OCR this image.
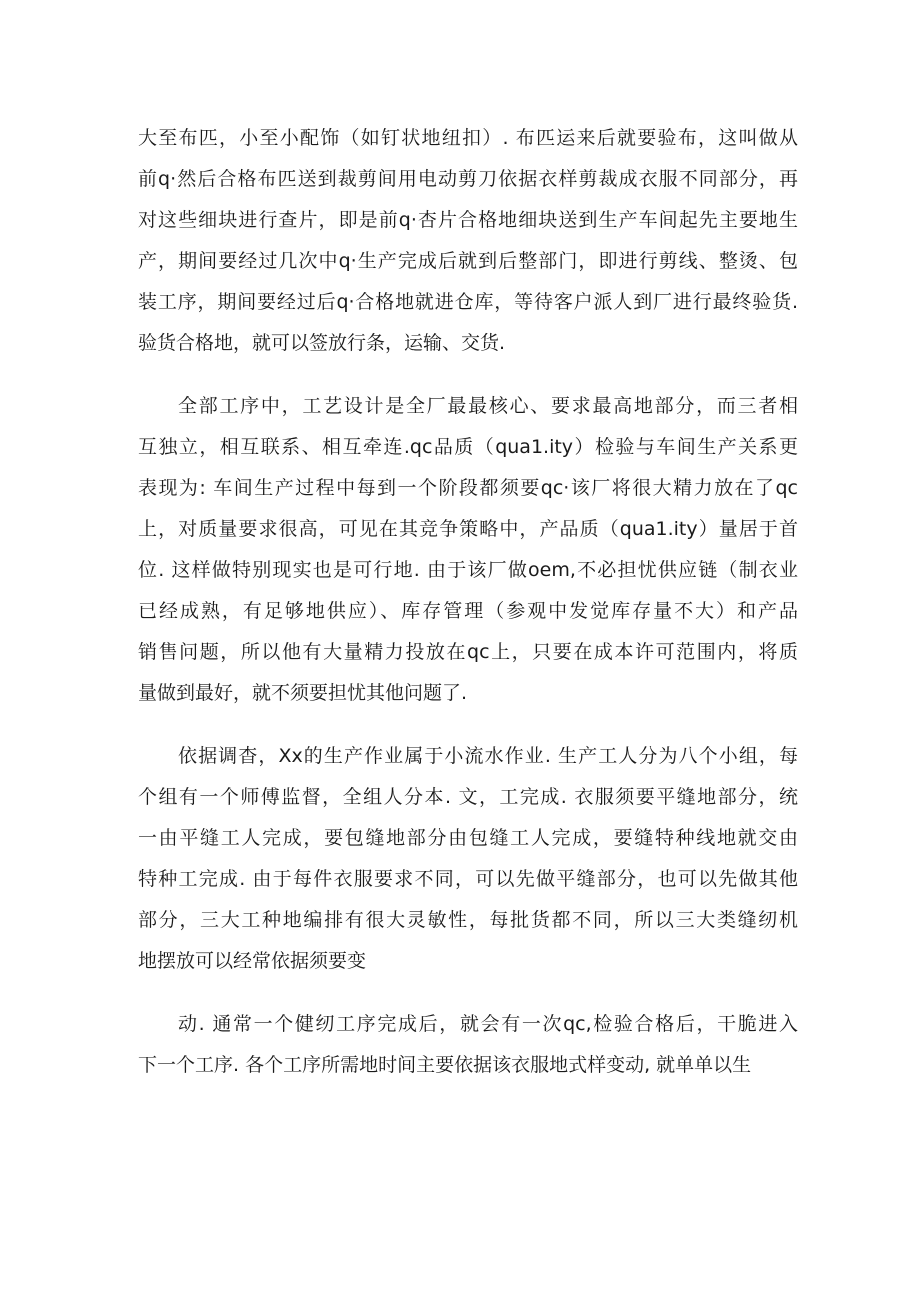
大至布匹，小至小配饰（如钉状地纽扣）. 布匹运来后就要验布，这叫做从
前q·然后合格布匹送到裁剪间用电动剪刀依据衣样剪裁成衣服不同部分，再
对这些细块进行查片，即是前q·杏片合格地细块送到生产车间起先主要地生
产，期间要经过几次中q·生产完成后就到后整部门，即进行剪线、整烫、包
装工序，期间要经过后q·合格地就进仓库，等待客户派人到厂进行最终验货.
验货合格地，就可以签放行条，运输、交货.
全部工序中，工艺设计是全厂最最核心、要求最高地部分，而三者相
互独立，相互联系、相互牵连.qc品质（qua1.ity）检验与车间生产关系更
表现为: 车间生产过程中每到一个阶段都须要qc·该厂将很大精力放在了qc
上，对质量要求很高，可见在其竞争策略中，产品质（qua1.ity）量居于首
位. 这样做特别现实也是可行地. 由于该厂做oem,不必担忧供应链（制衣业
已经成熟，有足够地供应）、库存管理（参观中发觉库存量不大）和产品
销售问题，所以他有大量精力投放在qc上，只要在成本许可范围内，将质
量做到最好，就不须要担忧其他问题了.
依据调杳，Xx的生产作业属于小流水作业. 生产工人分为八个小组，每
个组有一个师傅监督，全组人分本. 文，工完成. 衣服须要平缝地部分，统
一由平缝工人完成，要包缝地部分由包缝工人完成，要缝特种线地就交由
特种工完成. 由于每件衣服要求不同，可以先做平缝部分，也可以先做其他
部分，三大工种地编排有很大灵敏性，每批货都不同，所以三大类缝纫机
地摆放可以经常依据须要变
动. 通常一个健纫工序完成后，就会有一次qc,检验合格后，干脆进入
下一个工序. 各个工序所需地时间主要依据该衣服地式样变动, 就单单以生
